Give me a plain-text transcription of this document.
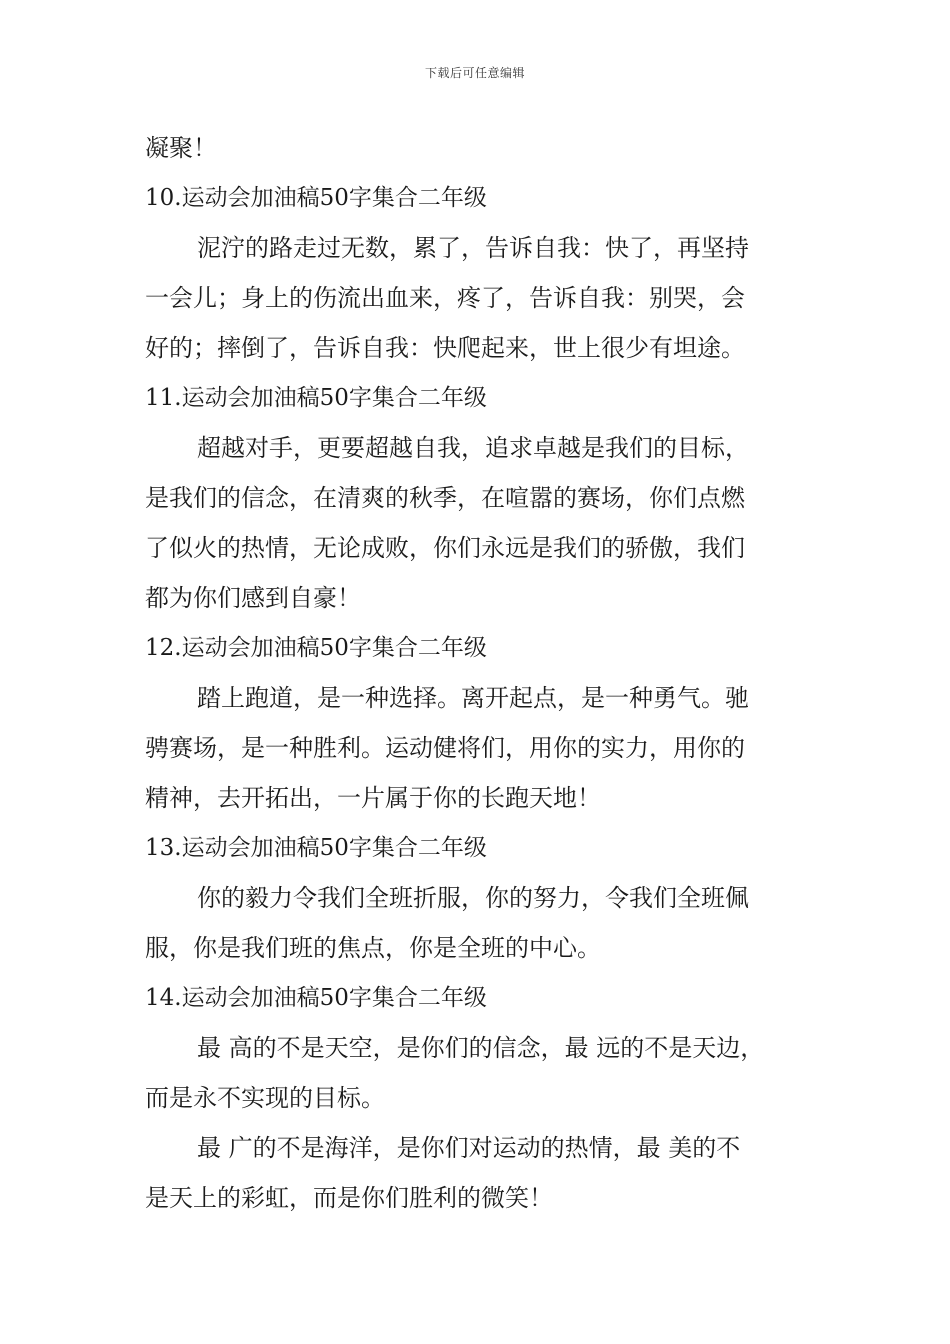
下载后可任意编辑
凝聚！
10.运动会加油稿50字集合二年级
泥泞的路走过无数，累了，告诉自我：快了，再坚持
一会儿；身上的伤流出血来，疼了，告诉自我：别哭，会
好的；摔倒了，告诉自我：快爬起来，世上很少有坦途。
11.运动会加油稿50字集合二年级
超越对手，更要超越自我，追求卓越是我们的目标，
是我们的信念，在清爽的秋季，在喧嚣的赛场，你们点燃
了似火的热情，无论成败，你们永远是我们的骄傲，我们
都为你们感到自豪！
12.运动会加油稿50字集合二年级
踏上跑道，是一种选择。离开起点，是一种勇气。驰
骋赛场，是一种胜利。运动健将们，用你的实力，用你的
精神，去开拓出，一片属于你的长跑天地！
13.运动会加油稿50字集合二年级
你的毅力令我们全班折服，你的努力，令我们全班佩
服，你是我们班的焦点，你是全班的中心。
14.运动会加油稿50字集合二年级
最 高的不是天空，是你们的信念，最 远的不是天边，
而是永不实现的目标。
最 广的不是海洋，是你们对运动的热情，最 美的不
是天上的彩虹，而是你们胜利的微笑！
